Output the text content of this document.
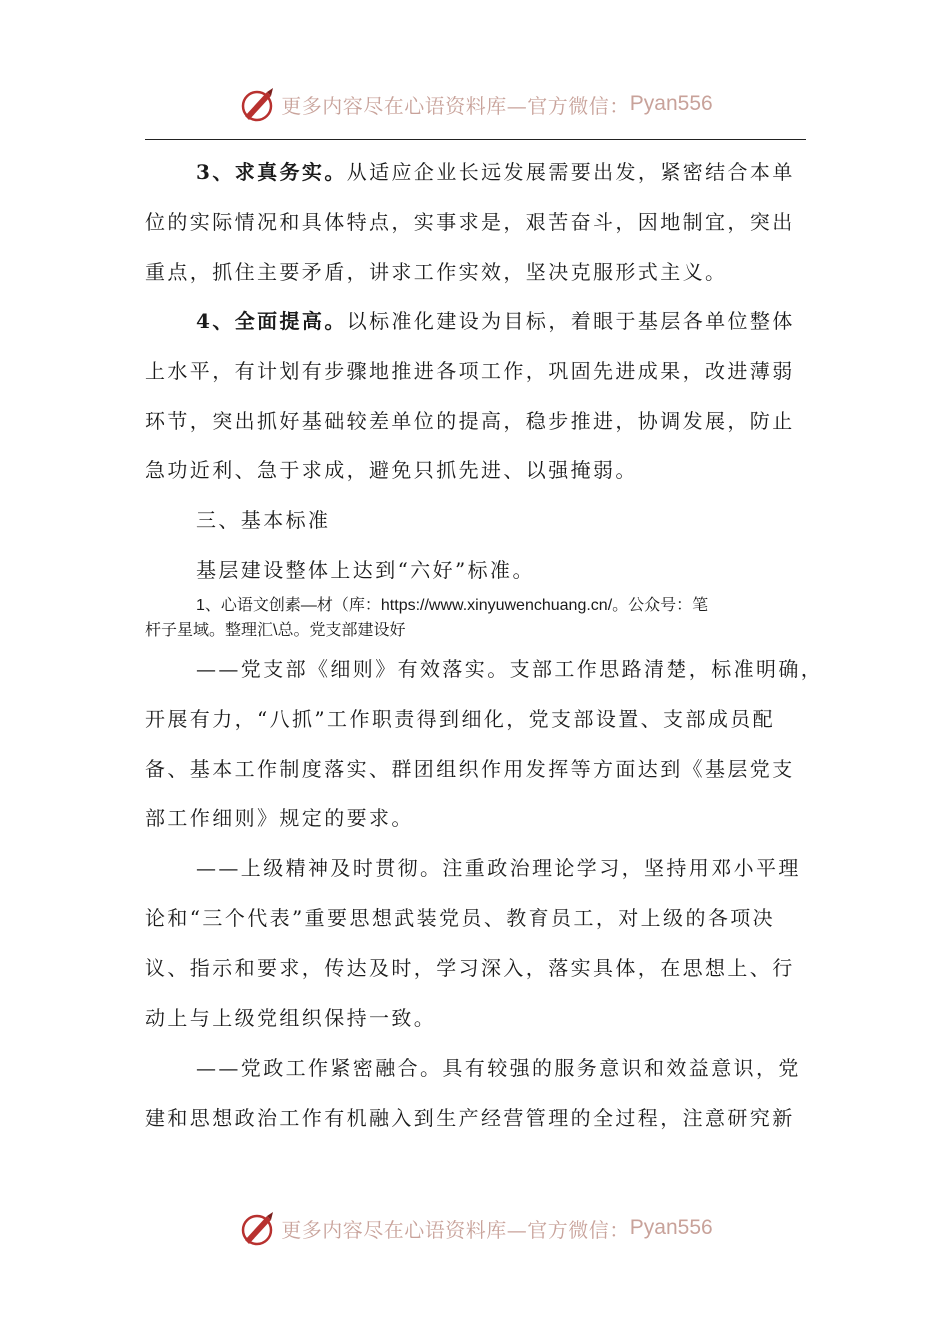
更多内容尽在心语资料库—官方微信： Pyan556
3、求真务实。从适应企业长远发展需要出发，紧密结合本单
位的实际情况和具体特点，实事求是，艰苦奋斗，因地制宜，突出
重点，抓住主要矛盾，讲求工作实效，坚决克服形式主义。
4、全面提高。以标准化建设为目标，着眼于基层各单位整体
上水平，有计划有步骤地推进各项工作，巩固先进成果，改进薄弱
环节，突出抓好基础较差单位的提高，稳步推进，协调发展，防止
急功近利、急于求成，避免只抓先进、以强掩弱。
三、基本标准
基层建设整体上达到“六好”标准。
1、心语文创素—材（库：https://www.xinyuwenchuang.cn/。公众号：笔
杆子星域。整理汇\总。党支部建设好
——党支部《细则》有效落实。支部工作思路清楚，标准明确，
开展有力，“八抓”工作职责得到细化，党支部设置、支部成员配
备、基本工作制度落实、群团组织作用发挥等方面达到《基层党支
部工作细则》规定的要求。
——上级精神及时贯彻。注重政治理论学习，坚持用邓小平理
论和“三个代表”重要思想武装党员、教育员工，对上级的各项决
议、指示和要求，传达及时，学习深入，落实具体，在思想上、行
动上与上级党组织保持一致。
——党政工作紧密融合。具有较强的服务意识和效益意识，党
建和思想政治工作有机融入到生产经营管理的全过程，注意研究新
更多内容尽在心语资料库—官方微信： Pyan556
